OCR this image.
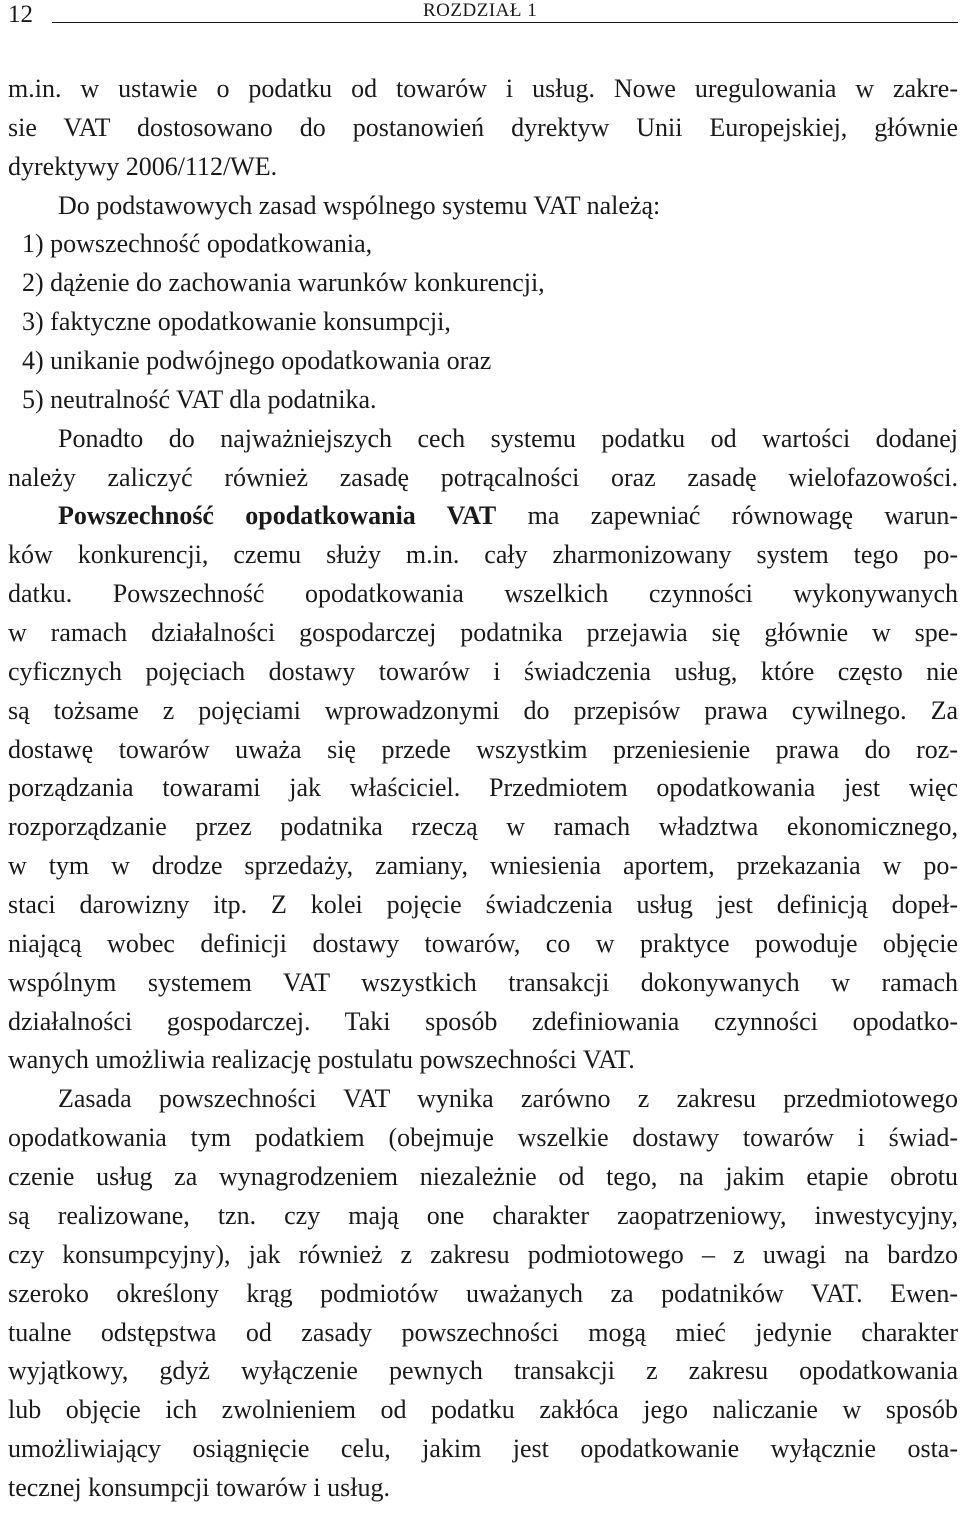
12	ROZDZIAŁ 1
m.in. w ustawie o podatku od towarów i usług. Nowe uregulowania w zakre-
sie VAT dostosowano do postanowień dyrektyw Unii Europejskiej, głównie
dyrektywy 2006/112/WE.
Do podstawowych zasad wspólnego systemu VAT należą:
1) powszechność opodatkowania,
2) dążenie do zachowania warunków konkurencji,
3) faktyczne opodatkowanie konsumpcji,
4) unikanie podwójnego opodatkowania oraz
5) neutralność VAT dla podatnika.
Ponadto do najważniejszych cech systemu podatku od wartości dodanej
należy zaliczyć również zasadę potrącalności oraz zasadę wielofazowości.
Powszechność opodatkowania VAT ma zapewniać równowagę warun-
ków konkurencji, czemu służy m.in. cały zharmonizowany system tego po-
datku. Powszechność opodatkowania wszelkich czynności wykonywanych
w ramach działalności gospodarczej podatnika przejawia się głównie w spe-
cyficznych pojęciach dostawy towarów i świadczenia usług, które często nie
są tożsame z pojęciami wprowadzonymi do przepisów prawa cywilnego. Za
dostawę towarów uważa się przede wszystkim przeniesienie prawa do roz-
porządzania towarami jak właściciel. Przedmiotem opodatkowania jest więc
rozporządzanie przez podatnika rzeczą w ramach władztwa ekonomicznego,
w tym w drodze sprzedaży, zamiany, wniesienia aportem, przekazania w po-
staci darowizny itp. Z kolei pojęcie świadczenia usług jest definicją dopeł-
niającą wobec definicji dostawy towarów, co w praktyce powoduje objęcie
wspólnym systemem VAT wszystkich transakcji dokonywanych w ramach
działalności gospodarczej. Taki sposób zdefiniowania czynności opodatko-
wanych umożliwia realizację postulatu powszechności VAT.
Zasada powszechności VAT wynika zarówno z zakresu przedmiotowego
opodatkowania tym podatkiem (obejmuje wszelkie dostawy towarów i świad-
czenie usług za wynagrodzeniem niezależnie od tego, na jakim etapie obrotu
są realizowane, tzn. czy mają one charakter zaopatrzeniowy, inwestycyjny,
czy konsumpcyjny), jak również z zakresu podmiotowego – z uwagi na bardzo
szeroko określony krąg podmiotów uważanych za podatników VAT. Ewen-
tualne odstępstwa od zasady powszechności mogą mieć jedynie charakter
wyjątkowy, gdyż wyłączenie pewnych transakcji z zakresu opodatkowania
lub objęcie ich zwolnieniem od podatku zakłóca jego naliczanie w sposób
umożliwiający osiągnięcie celu, jakim jest opodatkowanie wyłącznie osta-
tecznej konsumpcji towarów i usług.
